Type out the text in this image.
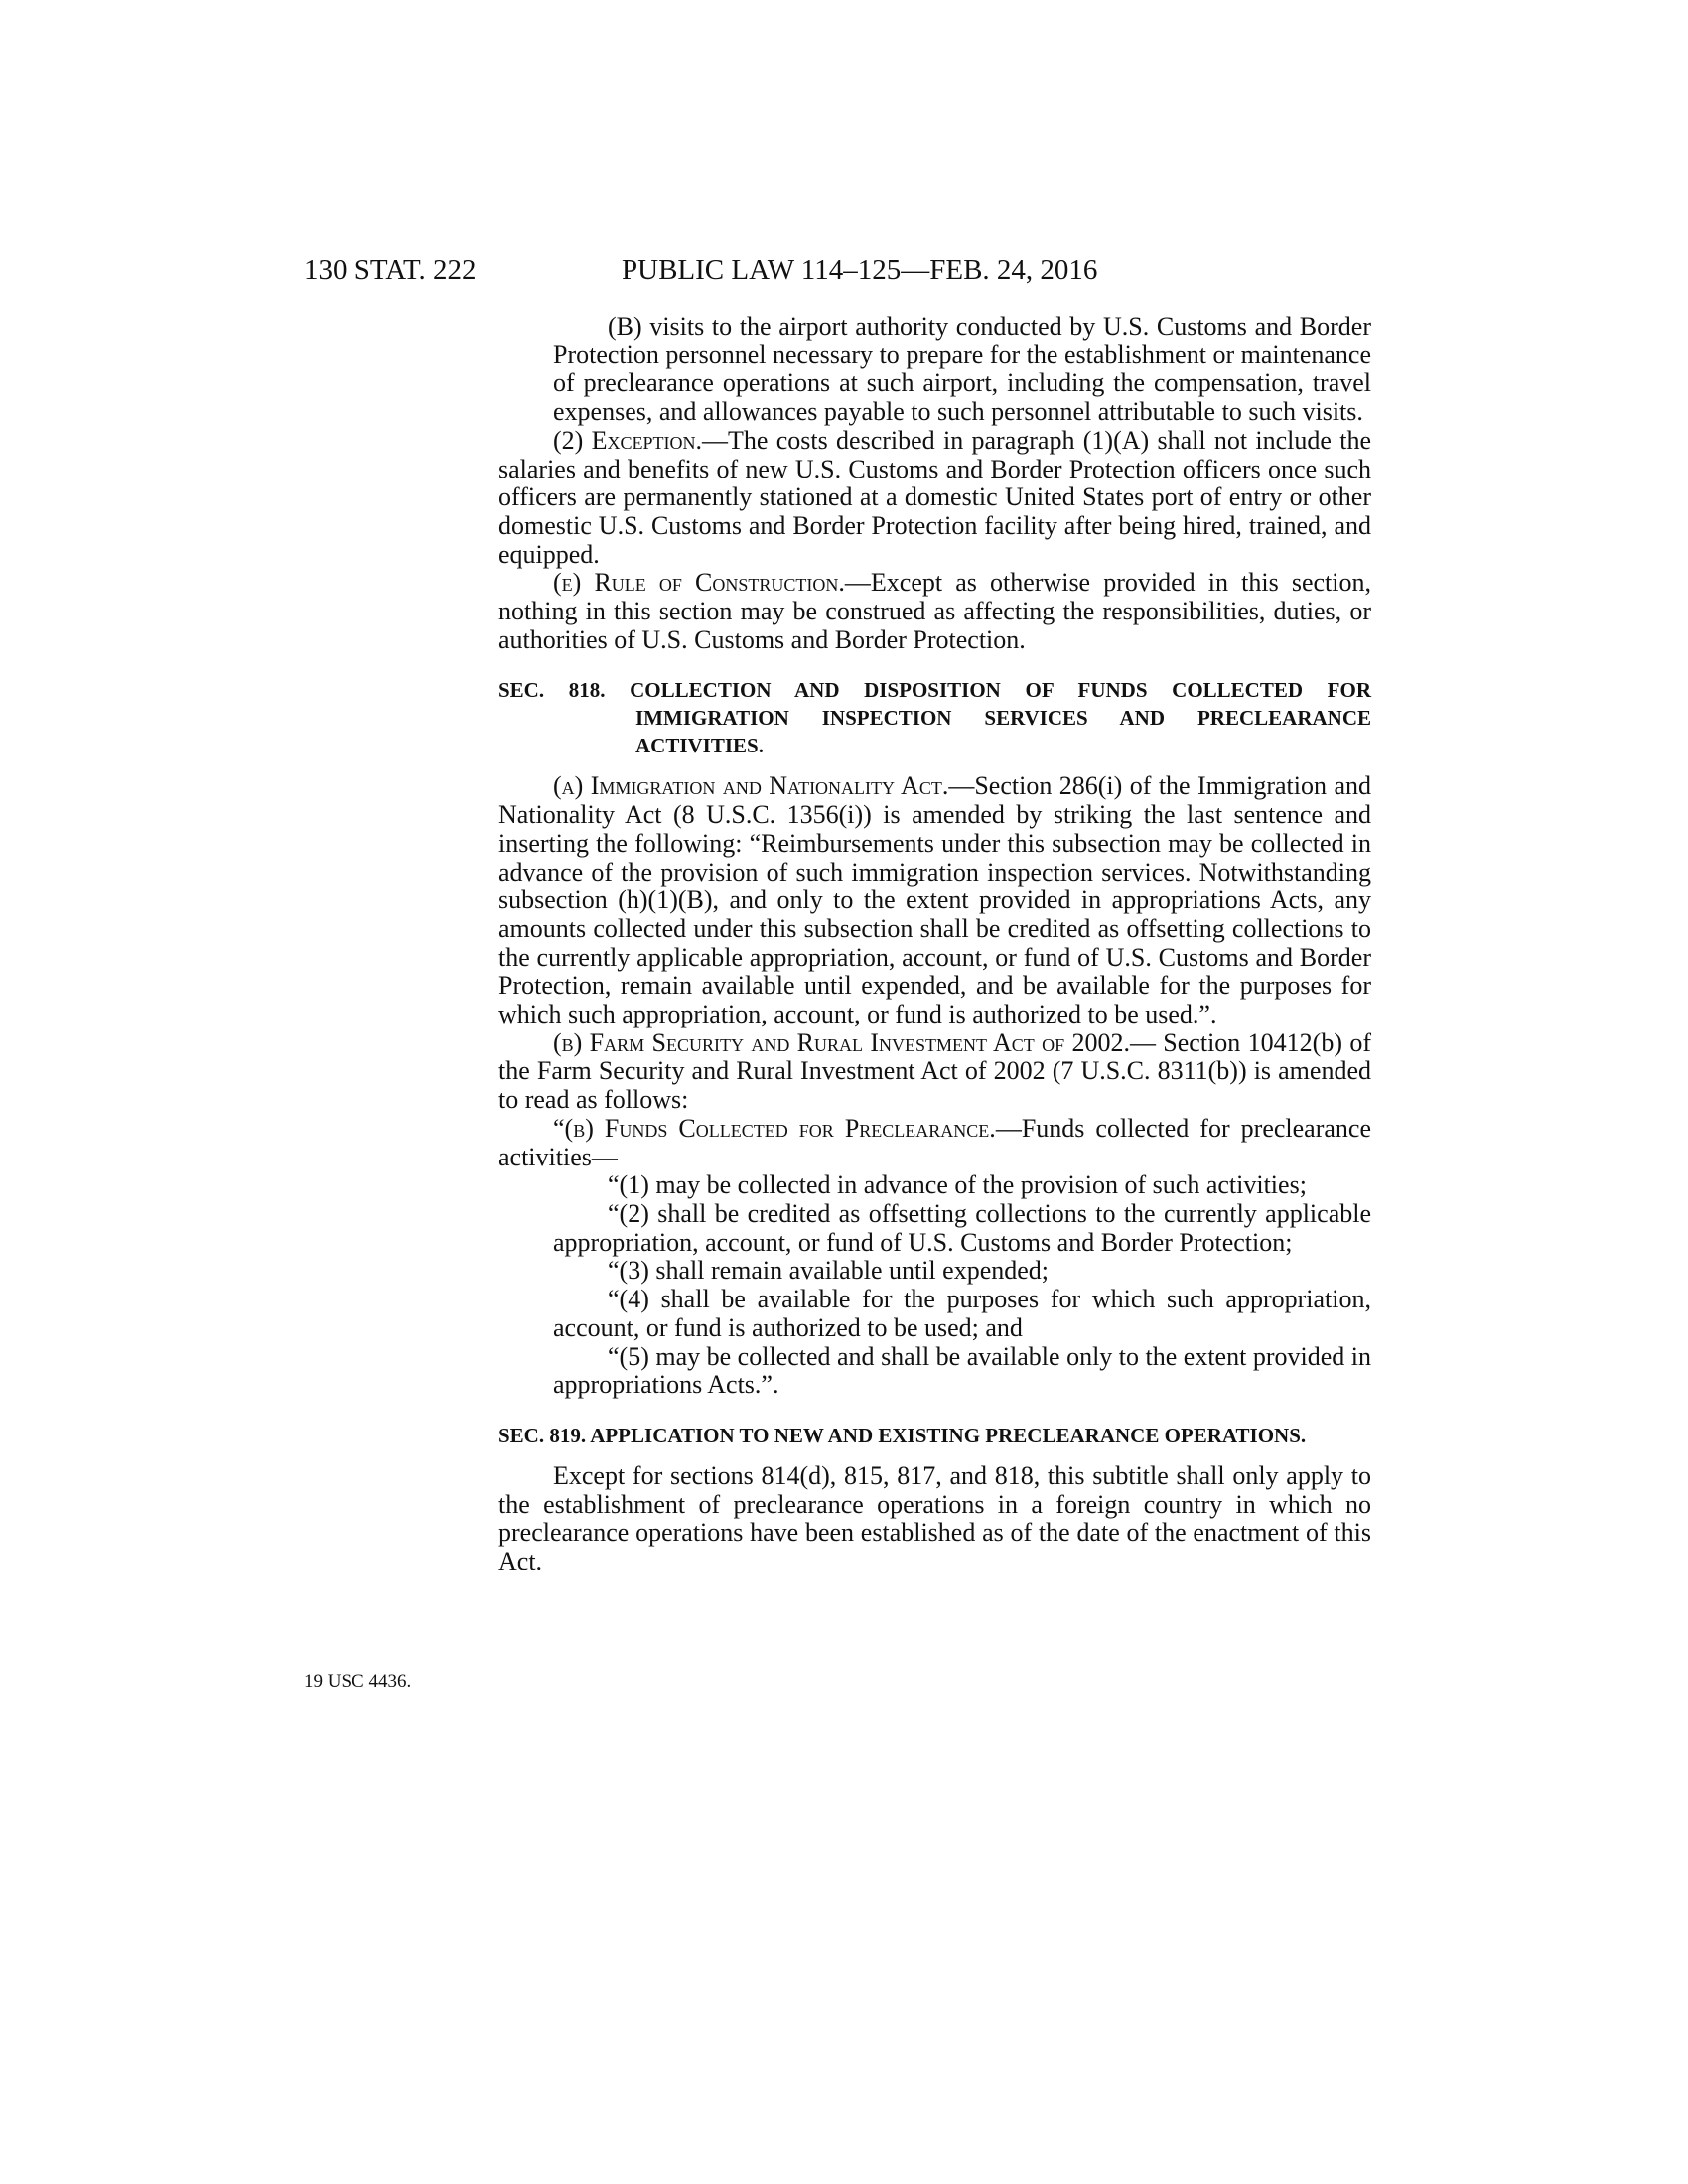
130 STAT. 222	PUBLIC LAW 114–125—FEB. 24, 2016
19 USC 4436.

(B) visits to the airport authority conducted by U.S. Customs and Border Protection personnel necessary to prepare for the establishment or maintenance of preclearance operations at such airport, including the compensation, travel expenses, and allowances payable to such personnel attributable to such visits.

(2) Exception.—The costs described in paragraph (1)(A) shall not include the salaries and benefits of new U.S. Customs and Border Protection officers once such officers are permanently stationed at a domestic United States port of entry or other domestic U.S. Customs and Border Protection facility after being hired, trained, and equipped.

(e) Rule of Construction.—Except as otherwise provided in this section, nothing in this section may be construed as affecting the responsibilities, duties, or authorities of U.S. Customs and Border Protection.

SEC. 818. COLLECTION AND DISPOSITION OF FUNDS COLLECTED FOR IMMIGRATION INSPECTION SERVICES AND PRECLEARANCE ACTIVITIES.

(a) Immigration and Nationality Act.—Section 286(i) of the Immigration and Nationality Act (8 U.S.C. 1356(i)) is amended by striking the last sentence and inserting the following: “Reimbursements under this subsection may be collected in advance of the provision of such immigration inspection services. Notwithstanding subsection (h)(1)(B), and only to the extent provided in appropriations Acts, any amounts collected under this subsection shall be credited as offsetting collections to the currently applicable appropriation, account, or fund of U.S. Customs and Border Protection, remain available until expended, and be available for the purposes for which such appropriation, account, or fund is authorized to be used.”.

(b) Farm Security and Rural Investment Act of 2002.— Section 10412(b) of the Farm Security and Rural Investment Act of 2002 (7 U.S.C. 8311(b)) is amended to read as follows:

“(b) Funds Collected for Preclearance.—Funds collected for preclearance activities—

“(1) may be collected in advance of the provision of such activities;

“(2) shall be credited as offsetting collections to the currently applicable appropriation, account, or fund of U.S. Customs and Border Protection;

“(3) shall remain available until expended;

“(4) shall be available for the purposes for which such appropriation, account, or fund is authorized to be used; and

“(5) may be collected and shall be available only to the extent provided in appropriations Acts.”.

SEC. 819. APPLICATION TO NEW AND EXISTING PRECLEARANCE OPERATIONS.

Except for sections 814(d), 815, 817, and 818, this subtitle shall only apply to the establishment of preclearance operations in a foreign country in which no preclearance operations have been established as of the date of the enactment of this Act.
